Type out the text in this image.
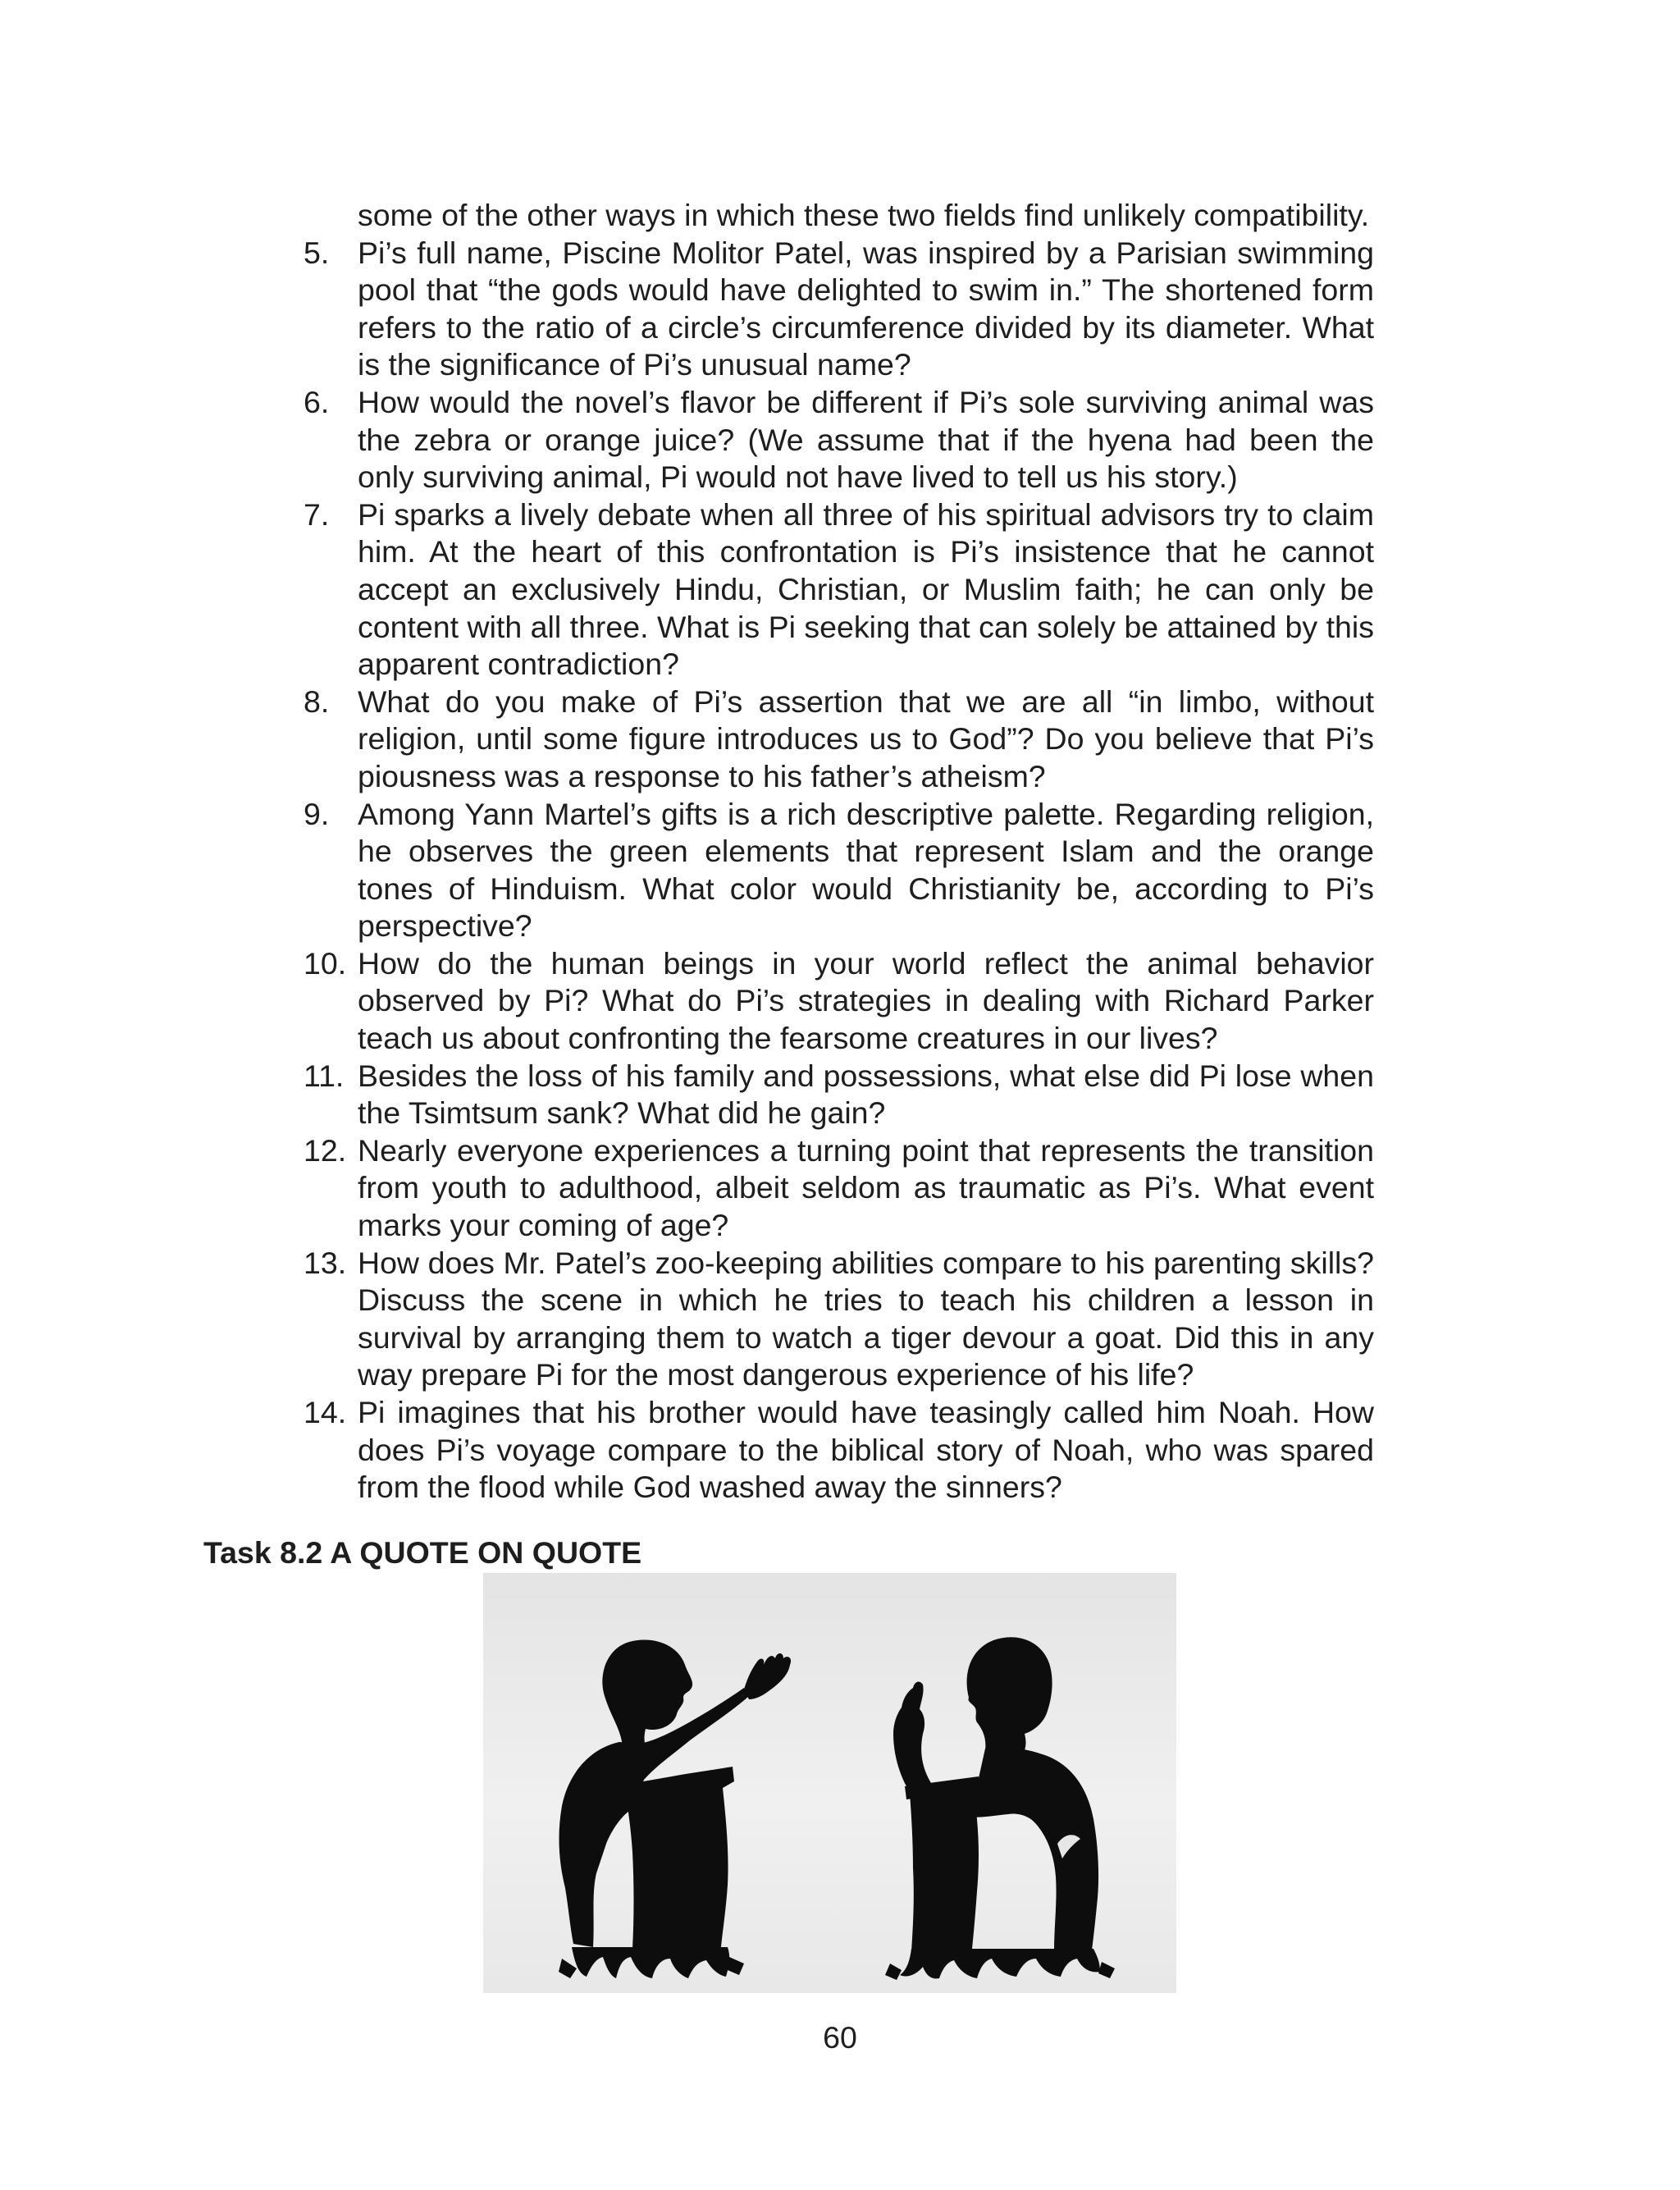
some of the other ways in which these two fields find unlikely compatibility.
5. Pi’s full name, Piscine Molitor Patel, was inspired by a Parisian swimming pool that “the gods would have delighted to swim in.” The shortened form refers to the ratio of a circle’s circumference divided by its diameter. What is the significance of Pi’s unusual name?
6. How would the novel’s flavor be different if Pi’s sole surviving animal was the zebra or orange juice? (We assume that if the hyena had been the only surviving animal, Pi would not have lived to tell us his story.)
7. Pi sparks a lively debate when all three of his spiritual advisors try to claim him. At the heart of this confrontation is Pi’s insistence that he cannot accept an exclusively Hindu, Christian, or Muslim faith; he can only be content with all three. What is Pi seeking that can solely be attained by this apparent contradiction?
8. What do you make of Pi’s assertion that we are all “in limbo, without religion, until some figure introduces us to God”? Do you believe that Pi’s piousness was a response to his father’s atheism?
9. Among Yann Martel’s gifts is a rich descriptive palette. Regarding religion, he observes the green elements that represent Islam and the orange tones of Hinduism. What color would Christianity be, according to Pi’s perspective?
10. How do the human beings in your world reflect the animal behavior observed by Pi? What do Pi’s strategies in dealing with Richard Parker teach us about confronting the fearsome creatures in our lives?
11. Besides the loss of his family and possessions, what else did Pi lose when the Tsimtsum sank? What did he gain?
12. Nearly everyone experiences a turning point that represents the transition from youth to adulthood, albeit seldom as traumatic as Pi’s. What event marks your coming of age?
13. How does Mr. Patel’s zoo-keeping abilities compare to his parenting skills? Discuss the scene in which he tries to teach his children a lesson in survival by arranging them to watch a tiger devour a goat. Did this in any way prepare Pi for the most dangerous experience of his life?
14. Pi imagines that his brother would have teasingly called him Noah. How does Pi’s voyage compare to the biblical story of Noah, who was spared from the flood while God washed away the sinners?
Task 8.2 A QUOTE ON QUOTE
60
